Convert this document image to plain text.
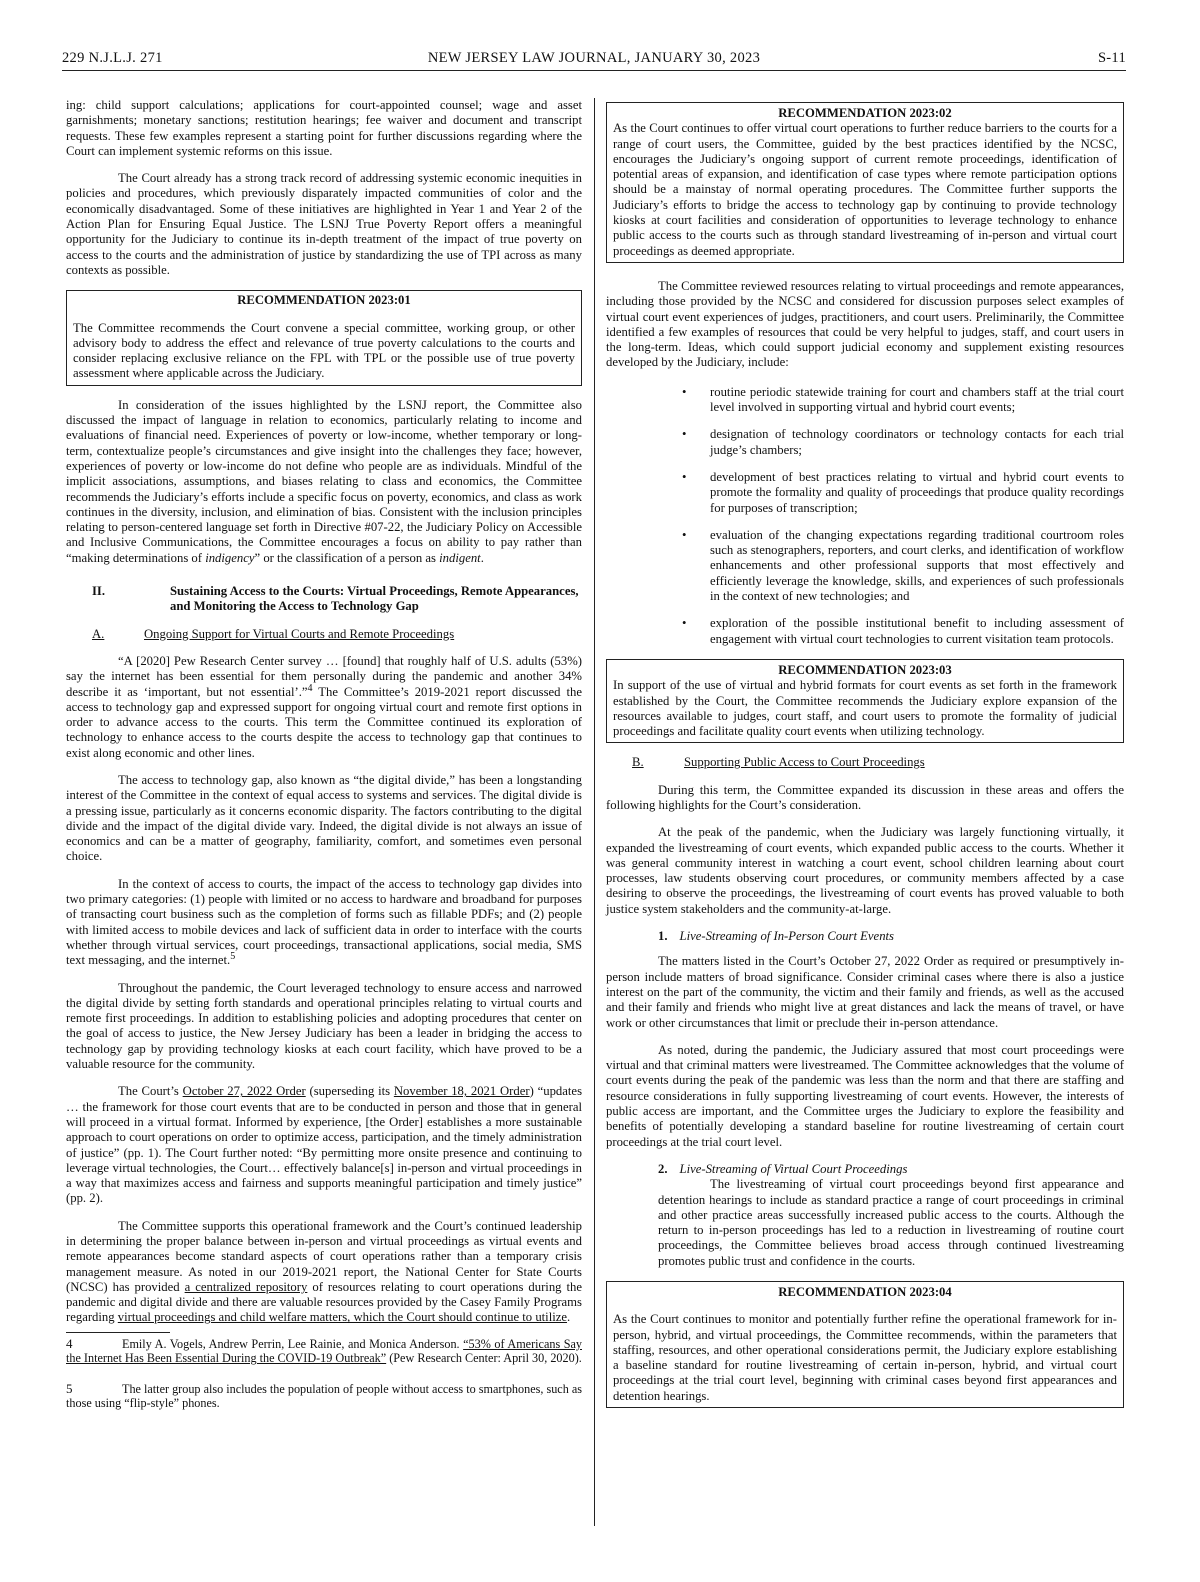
229 N.J.L.J. 271	NEW JERSEY LAW JOURNAL, JANUARY 30, 2023	S-11

ing: child support calculations; applications for court-appointed counsel; wage and asset garnishments; monetary sanctions; restitution hearings; fee waiver and document and transcript requests. These few examples represent a starting point for further discussions regarding where the Court can implement systemic reforms on this issue.

The Court already has a strong track record of addressing systemic economic inequities in policies and procedures, which previously disparately impacted communities of color and the economically disadvantaged. Some of these initiatives are highlighted in Year 1 and Year 2 of the Action Plan for Ensuring Equal Justice. The LSNJ True Poverty Report offers a meaningful opportunity for the Judiciary to continue its in-depth treatment of the impact of true poverty on access to the courts and the administration of justice by standardizing the use of TPI across as many contexts as possible.

RECOMMENDATION 2023:01

The Committee recommends the Court convene a special committee, working group, or other advisory body to address the effect and relevance of true poverty calculations to the courts and consider replacing exclusive reliance on the FPL with TPL or the possible use of true poverty assessment where applicable across the Judiciary.

In consideration of the issues highlighted by the LSNJ report, the Committee also discussed the impact of language in relation to economics, particularly relating to income and evaluations of financial need. Experiences of poverty or low-income, whether temporary or long-term, contextualize people’s circumstances and give insight into the challenges they face; however, experiences of poverty or low-income do not define who people are as individuals. Mindful of the implicit associations, assumptions, and biases relating to class and economics, the Committee recommends the Judiciary’s efforts include a specific focus on poverty, economics, and class as work continues in the diversity, inclusion, and elimination of bias. Consistent with the inclusion principles relating to person-centered language set forth in Directive #07-22, the Judiciary Policy on Accessible and Inclusive Communications, the Committee encourages a focus on ability to pay rather than “making determinations of indigency” or the classification of a person as indigent.

II.	Sustaining Access to the Courts: Virtual Proceedings, Remote Appearances, and Monitoring the Access to Technology Gap
A.	Ongoing Support for Virtual Courts and Remote Proceedings

“A [2020] Pew Research Center survey … [found] that roughly half of U.S. adults (53%) say the internet has been essential for them personally during the pandemic and another 34% describe it as ‘important, but not essential’.”$^4$ The Committee’s 2019-2021 report discussed the access to technology gap and expressed support for ongoing virtual court and remote first options in order to advance access to the courts. This term the Committee continued its exploration of technology to enhance access to the courts despite the access to technology gap that continues to exist along economic and other lines.

The access to technology gap, also known as “the digital divide,” has been a longstanding interest of the Committee in the context of equal access to systems and services. The digital divide is a pressing issue, particularly as it concerns economic disparity. The factors contributing to the digital divide and the impact of the digital divide vary. Indeed, the digital divide is not always an issue of economics and can be a matter of geography, familiarity, comfort, and sometimes even personal choice.

In the context of access to courts, the impact of the access to technology gap divides into two primary categories: (1) people with limited or no access to hardware and broadband for purposes of transacting court business such as the completion of forms such as fillable PDFs; and (2) people with limited access to mobile devices and lack of sufficient data in order to interface with the courts whether through virtual services, court proceedings, transactional applications, social media, SMS text messaging, and the internet.$^5$

Throughout the pandemic, the Court leveraged technology to ensure access and narrowed the digital divide by setting forth standards and operational principles relating to virtual courts and remote first proceedings. In addition to establishing policies and adopting procedures that center on the goal of access to justice, the New Jersey Judiciary has been a leader in bridging the access to technology gap by providing technology kiosks at each court facility, which have proved to be a valuable resource for the community.

The Court’s October 27, 2022 Order (superseding its November 18, 2021 Order) “updates … the framework for those court events that are to be conducted in person and those that in general will proceed in a virtual format. Informed by experience, [the Order] establishes a more sustainable approach to court operations on order to optimize access, participation, and the timely administration of justice” (pp. 1). The Court further noted: “By permitting more onsite presence and continuing to leverage virtual technologies, the Court… effectively balance[s] in-person and virtual proceedings in a way that maximizes access and fairness and supports meaningful participation and timely justice” (pp. 2).

The Committee supports this operational framework and the Court’s continued leadership in determining the proper balance between in-person and virtual proceedings as virtual events and remote appearances become standard aspects of court operations rather than a temporary crisis management measure. As noted in our 2019-2021 report, the National Center for State Courts (NCSC) has provided a centralized repository of resources relating to court operations during the pandemic and digital divide and there are valuable resources provided by the Casey Family Programs regarding virtual proceedings and child welfare matters, which the Court should continue to utilize.

4	Emily A. Vogels, Andrew Perrin, Lee Rainie, and Monica Anderson. “53% of Americans Say the Internet Has Been Essential During the COVID-19 Outbreak” (Pew Research Center: April 30, 2020).
5	The latter group also includes the population of people without access to smartphones, such as those using “flip-style” phones.
RECOMMENDATION 2023:02

As the Court continues to offer virtual court operations to further reduce barriers to the courts for a range of court users, the Committee, guided by the best practices identified by the NCSC, encourages the Judiciary’s ongoing support of current remote proceedings, identification of potential areas of expansion, and identification of case types where remote participation options should be a mainstay of normal operating procedures. The Committee further supports the Judiciary’s efforts to bridge the access to technology gap by continuing to provide technology kiosks at court facilities and consideration of opportunities to leverage technology to enhance public access to the courts such as through standard livestreaming of in-person and virtual court proceedings as deemed appropriate.

The Committee reviewed resources relating to virtual proceedings and remote appearances, including those provided by the NCSC and considered for discussion purposes select examples of virtual court event experiences of judges, practitioners, and court users. Preliminarily, the Committee identified a few examples of resources that could be very helpful to judges, staff, and court users in the long-term. Ideas, which could support judicial economy and supplement existing resources developed by the Judiciary, include:

• routine periodic statewide training for court and chambers staff at the trial court level involved in supporting virtual and hybrid court events;
• designation of technology coordinators or technology contacts for each trial judge’s chambers;
• development of best practices relating to virtual and hybrid court events to promote the formality and quality of proceedings that produce quality recordings for purposes of transcription;
• evaluation of the changing expectations regarding traditional courtroom roles such as stenographers, reporters, and court clerks, and identification of workflow enhancements and other professional supports that most effectively and efficiently leverage the knowledge, skills, and experiences of such professionals in the context of new technologies; and
• exploration of the possible institutional benefit to including assessment of engagement with virtual court technologies to current visitation team protocols.
RECOMMENDATION 2023:03

In support of the use of virtual and hybrid formats for court events as set forth in the framework established by the Court, the Committee recommends the Judiciary explore expansion of the resources available to judges, court staff, and court users to promote the formality of judicial proceedings and facilitate quality court events when utilizing technology.

B.	Supporting Public Access to Court Proceedings

During this term, the Committee expanded its discussion in these areas and offers the following highlights for the Court’s consideration.

At the peak of the pandemic, when the Judiciary was largely functioning virtually, it expanded the livestreaming of court events, which expanded public access to the courts. Whether it was general community interest in watching a court event, school children learning about court processes, law students observing court procedures, or community members affected by a case desiring to observe the proceedings, the livestreaming of court events has proved valuable to both justice system stakeholders and the community-at-large.

1. Live-Streaming of In-Person Court Events

The matters listed in the Court’s October 27, 2022 Order as required or presumptively in-person include matters of broad significance. Consider criminal cases where there is also a justice interest on the part of the community, the victim and their family and friends, as well as the accused and their family and friends who might live at great distances and lack the means of travel, or have work or other circumstances that limit or preclude their in-person attendance.

As noted, during the pandemic, the Judiciary assured that most court proceedings were virtual and that criminal matters were livestreamed. The Committee acknowledges that the volume of court events during the peak of the pandemic was less than the norm and that there are staffing and resource considerations in fully supporting livestreaming of court events. However, the interests of public access are important, and the Committee urges the Judiciary to explore the feasibility and benefits of potentially developing a standard baseline for routine livestreaming of certain court proceedings at the trial court level.

2. Live-Streaming of Virtual Court Proceedings

The livestreaming of virtual court proceedings beyond first appearance and detention hearings to include as standard practice a range of court proceedings in criminal and other practice areas successfully increased public access to the courts. Although the return to in-person proceedings has led to a reduction in livestreaming of routine court proceedings, the Committee believes broad access through continued livestreaming promotes public trust and confidence in the courts.

RECOMMENDATION 2023:04

As the Court continues to monitor and potentially further refine the operational framework for in-person, hybrid, and virtual proceedings, the Committee recommends, within the parameters that staffing, resources, and other operational considerations permit, the Judiciary explore establishing a baseline standard for routine livestreaming of certain in-person, hybrid, and virtual court proceedings at the trial court level, beginning with criminal cases beyond first appearances and detention hearings.
